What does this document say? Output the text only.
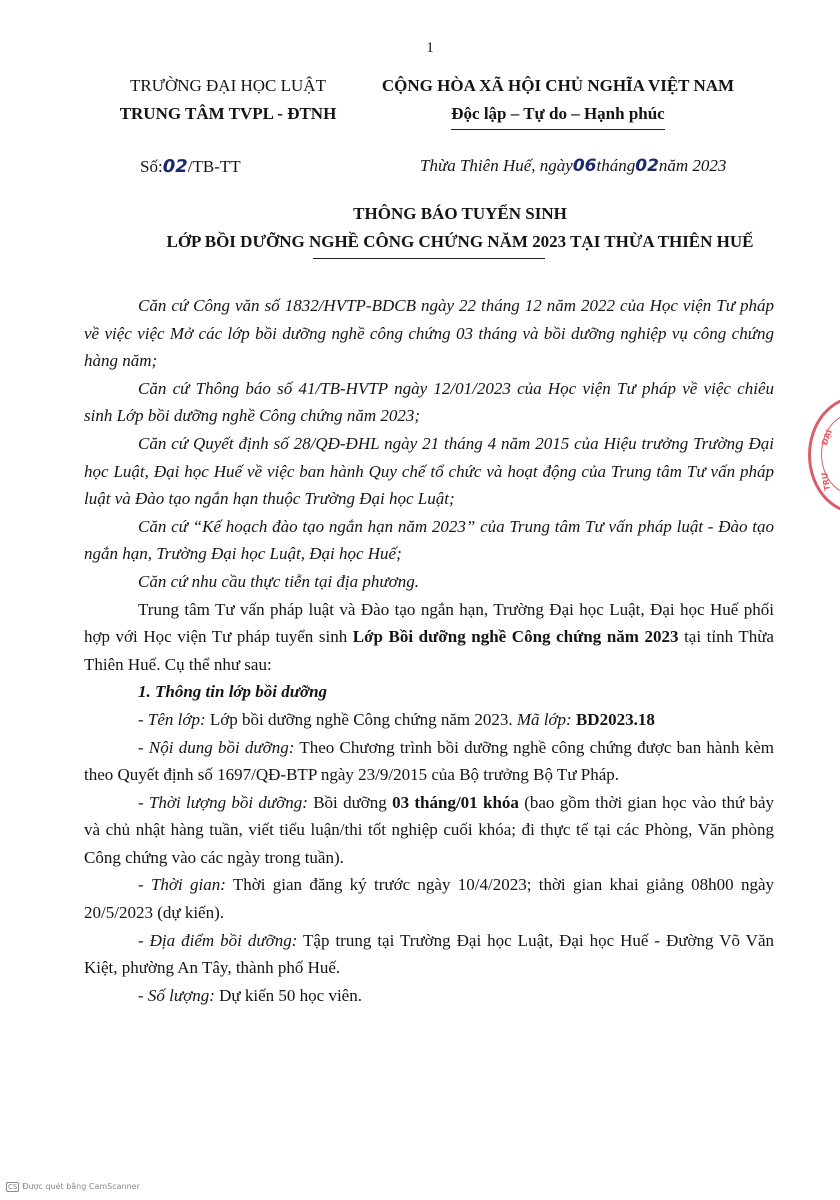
1
TRƯỜNG ĐẠI HỌC LUẬT
TRUNG TÂM TVPL - ĐTNH
CỘNG HÒA XÃ HỘI CHỦ NGHĨA VIỆT NAM
Độc lập – Tự do – Hạnh phúc
Số:02/TB-TT	Thừa Thiên Huế, ngày06tháng02năm 2023
THÔNG BÁO TUYỂN SINH
LỚP BỒI DƯỠNG NGHỀ CÔNG CHỨNG NĂM 2023 TẠI THỪA THIÊN HUẾ

Căn cứ Công văn số 1832/HVTP-BDCB ngày 22 tháng 12 năm 2022 của Học viện Tư pháp về việc việc Mở các lớp bồi dưỡng nghề công chứng 03 tháng và bồi dưỡng nghiệp vụ công chứng hàng năm;

Căn cứ Thông báo số 41/TB-HVTP ngày 12/01/2023 của Học viện Tư pháp về việc chiêu sinh Lớp bồi dưỡng nghề Công chứng năm 2023;

Căn cứ Quyết định số 28/QĐ-ĐHL ngày 21 tháng 4 năm 2015 của Hiệu trưởng Trường Đại học Luật, Đại học Huế về việc ban hành Quy chế tổ chức và hoạt động của Trung tâm Tư vấn pháp luật và Đào tạo ngắn hạn thuộc Trường Đại học Luật;

Căn cứ “Kế hoạch đào tạo ngắn hạn năm 2023” của Trung tâm Tư vấn pháp luật - Đào tạo ngắn hạn, Trường Đại học Luật, Đại học Huế;

Căn cứ nhu cầu thực tiễn tại địa phương.

Trung tâm Tư vấn pháp luật và Đào tạo ngắn hạn, Trường Đại học Luật, Đại học Huế phối hợp với Học viện Tư pháp tuyển sinh Lớp Bồi dưỡng nghề Công chứng năm 2023 tại tỉnh Thừa Thiên Huế. Cụ thể như sau:

1. Thông tin lớp bồi dưỡng

- Tên lớp: Lớp bồi dưỡng nghề Công chứng năm 2023. Mã lớp: BD2023.18

- Nội dung bồi dưỡng: Theo Chương trình bồi dưỡng nghề công chứng được ban hành kèm theo Quyết định số 1697/QĐ-BTP ngày 23/9/2015 của Bộ trưởng Bộ Tư Pháp.

- Thời lượng bồi dưỡng: Bồi dưỡng 03 tháng/01 khóa (bao gồm thời gian học vào thứ bảy và chủ nhật hàng tuần, viết tiểu luận/thi tốt nghiệp cuối khóa; đi thực tế tại các Phòng, Văn phòng Công chứng vào các ngày trong tuần).

- Thời gian: Thời gian đăng ký trước ngày 10/4/2023; thời gian khai giảng 08h00 ngày 20/5/2023 (dự kiến).

- Địa điểm bồi dưỡng: Tập trung tại Trường Đại học Luật, Đại học Huế - Đường Võ Văn Kiệt, phường An Tây, thành phố Huế.

- Số lượng: Dự kiến 50 học viên.

ĐẠI
TRƯ
CS Được quét bằng CamScanner
